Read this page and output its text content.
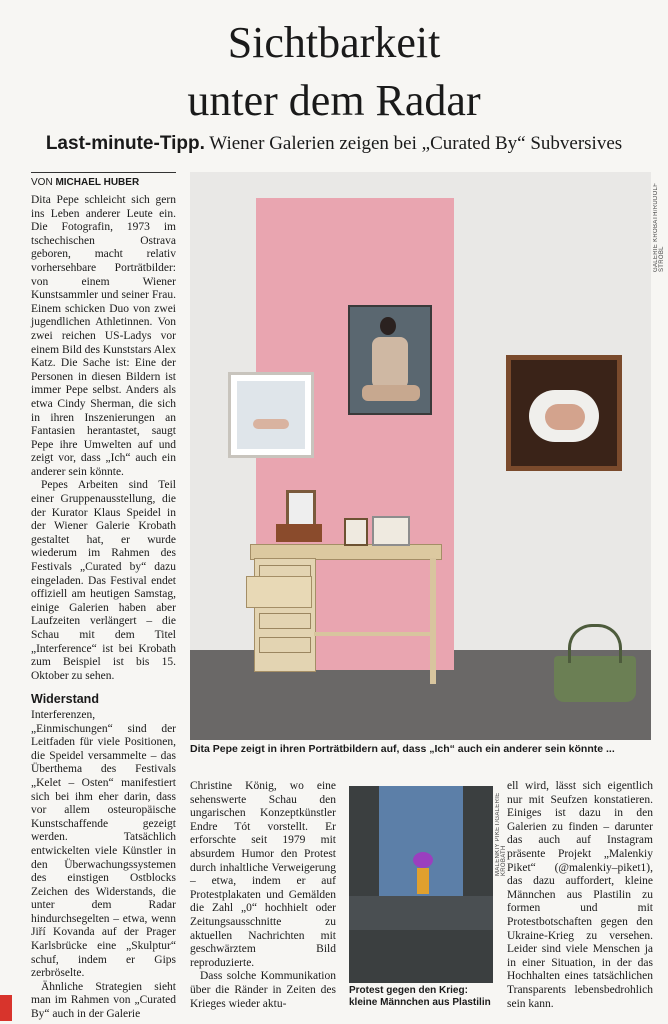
Sichtbarkeit
unter dem Radar
Last-minute-Tipp. Wiener Galerien zeigen bei „Curated By“ Subversives
VON MICHAEL HUBER

Dita Pepe schleicht sich gern ins Leben anderer Leute ein. Die Fotografin, 1973 im tschechischen Ostrava geboren, macht relativ vorhersehbare Porträtbilder: von einem Wiener Kunstsammler und seiner Frau. Einem schicken Duo von zwei jugendlichen Athletinnen. Von zwei reichen US-Ladys vor einem Bild des Kunststars Alex Katz. Die Sache ist: Eine der Personen in diesen Bildern ist immer Pepe selbst. Anders als etwa Cindy Sherman, die sich in ihren Inszenierungen an Fantasien herantastet, saugt Pepe ihre Umwelten auf und zeigt vor, dass „Ich“ auch ein anderer sein könnte.

Pepes Arbeiten sind Teil einer Gruppenausstellung, die der Kurator Klaus Speidel in der Wiener Galerie Krobath gestaltet hat, er wurde wiederum im Rahmen des Festivals „Curated by“ dazu eingeladen. Das Festival endet offiziell am heutigen Samstag, einige Galerien haben aber Laufzeiten verlängert – die Schau mit dem Titel „Interference“ ist bei Krobath zum Beispiel ist bis 15. Oktober zu sehen.

Widerstand

Interferenzen, „Einmischungen“ sind der Leitfaden für viele Positionen, die Speidel versammelte – das Überthema des Festivals „Kelet – Osten“ manifestiert sich bei ihm eher darin, dass vor allem osteuropäische Kunstschaffende gezeigt werden. Tatsächlich entwickelten viele Künstler in den Überwachungssystemen des einstigen Ostblocks Zeichen des Widerstands, die unter dem Radar hindurchsegelten – etwa, wenn Jiří Kovanda auf der Prager Karlsbrücke eine „Skulptur“ schuf, indem er Gips zerbröselte.

Ähnliche Strategien sieht man im Rahmen von „Curated By“ auch in der Galerie

GALERIE KROBATH/RUDOLF STROBL
Dita Pepe zeigt in ihren Porträtbildern auf, dass „Ich“ auch ein anderer sein könnte ...

Christine König, wo eine sehenswerte Schau den ungarischen Konzeptkünstler Endre Tót vorstellt. Er erforschte seit 1979 mit absurdem Humor den Protest durch inhaltliche Verweigerung – etwa, indem er auf Protestplakaten und Gemälden die Zahl „0“ hochhielt oder Zeitungsausschnitte zu aktuellen Nachrichten mit geschwärztem Bild reproduzierte.

Dass solche Kommunikation über die Ränder in Zeiten des Krieges wieder aktu-

MALENKIY PIKET/GALERIE KROBATH
Protest gegen den Krieg:
kleine Männchen aus Plastilin

ell wird, lässt sich eigentlich nur mit Seufzen konstatieren. Einiges ist dazu in den Galerien zu finden – darunter das auch auf Instagram präsente Projekt „Malenkiy Piket“ (@malenkiy–piket1), das dazu auffordert, kleine Männchen aus Plastilin zu formen und mit Protestbotschaften gegen den Ukraine-Krieg zu versehen. Leider sind viele Menschen ja in einer Situation, in der das Hochhalten eines tatsächlichen Transparents lebensbedrohlich sein kann.
